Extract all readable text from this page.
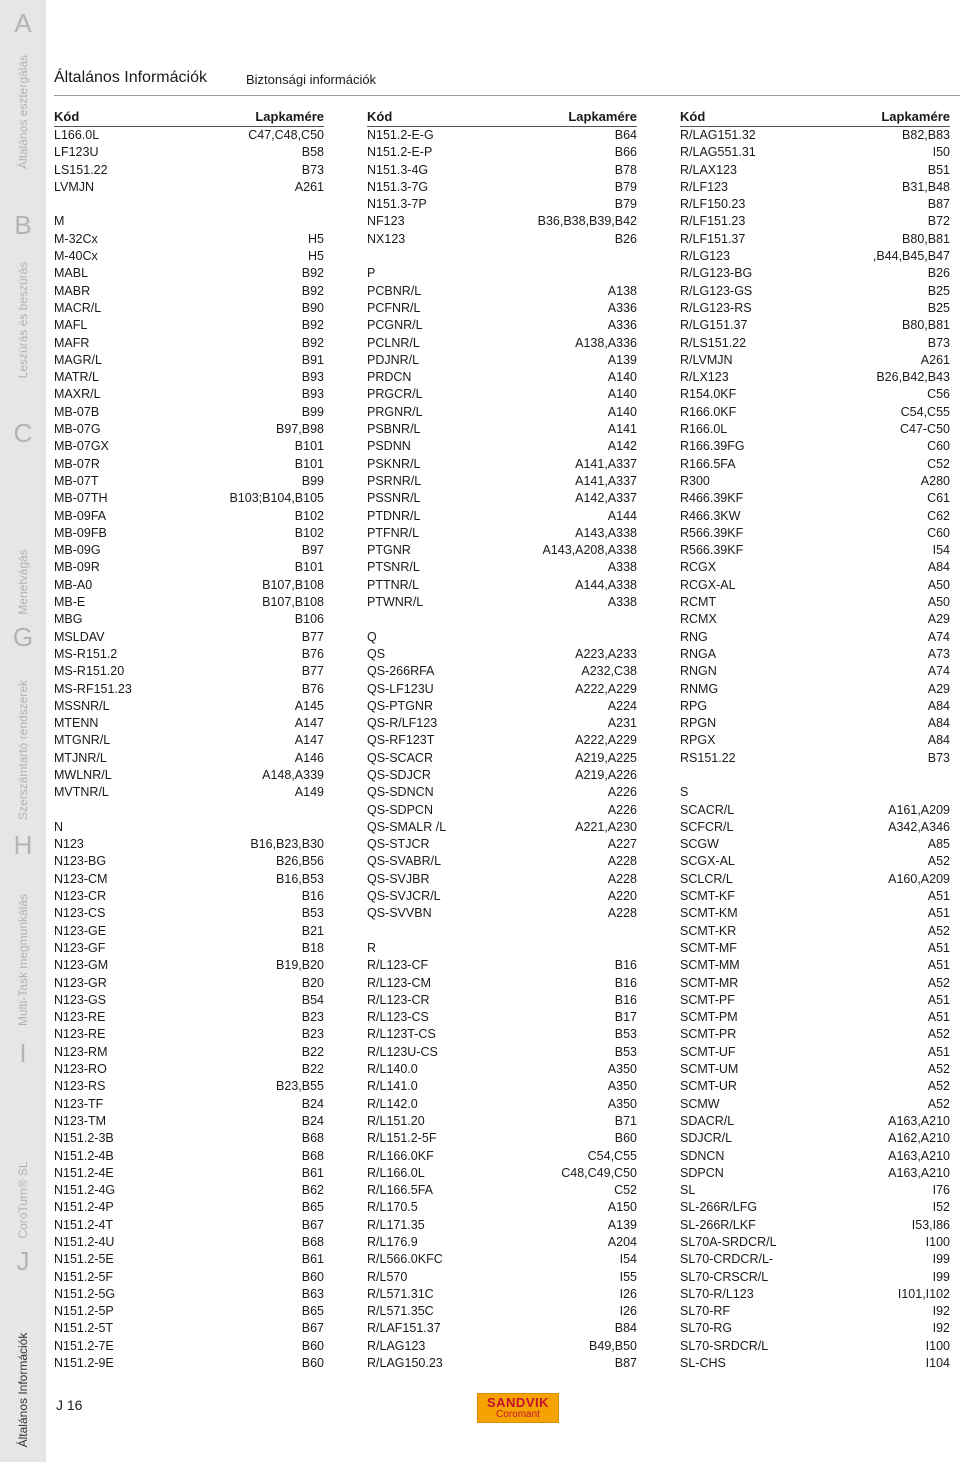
A
B
C
G
H
I
J
Általános esztergálás
Leszúrás és beszúrás
Menetvágás
Szerszámtartó rendszerek
Multi-Task megmunkálás
CoroTurn® SL
Általános Információk
Általános Információk	Biztonsági információk
Kód	Lapkamére
L166.0L	C47,C48,C50
LF123U	B58
LS151.22	B73
LVMJN	A261
M
M-32Cx	H5
M-40Cx	H5
MABL	B92
MABR	B92
MACR/L	B90
MAFL	B92
MAFR	B92
MAGR/L	B91
MATR/L	B93
MAXR/L	B93
MB-07B	B99
MB-07G	B97,B98
MB-07GX	B101
MB-07R	B101
MB-07T	B99
MB-07TH	B103;B104,B105
MB-09FA	B102
MB-09FB	B102
MB-09G	B97
MB-09R	B101
MB-A0	B107,B108
MB-E	B107,B108
MBG	B106
MSLDAV	B77
MS-R151.2	B76
MS-R151.20	B77
MS-RF151.23	B76
MSSNR/L	A145
MTENN	A147
MTGNR/L	A147
MTJNR/L	A146
MWLNR/L	A148,A339
MVTNR/L	A149
N
N123	B16,B23,B30
N123-BG	B26,B56
N123-CM	B16,B53
N123-CR	B16
N123-CS	B53
N123-GE	B21
N123-GF	B18
N123-GM	B19,B20
N123-GR	B20
N123-GS	B54
N123-RE	B23
N123-RE	B23
N123-RM	B22
N123-RO	B22
N123-RS	B23,B55
N123-TF	B24
N123-TM	B24
N151.2-3B	B68
N151.2-4B	B68
N151.2-4E	B61
N151.2-4G	B62
N151.2-4P	B65
N151.2-4T	B67
N151.2-4U	B68
N151.2-5E	B61
N151.2-5F	B60
N151.2-5G	B63
N151.2-5P	B65
N151.2-5T	B67
N151.2-7E	B60
N151.2-9E	B60
Kód	Lapkamére
N151.2-E-G	B64
N151.2-E-P	B66
N151.3-4G	B78
N151.3-7G	B79
N151.3-7P	B79
NF123	B36,B38,B39,B42
NX123	B26
P
PCBNR/L	A138
PCFNR/L	A336
PCGNR/L	A336
PCLNR/L	A138,A336
PDJNR/L	A139
PRDCN	A140
PRGCR/L	A140
PRGNR/L	A140
PSBNR/L	A141
PSDNN	A142
PSKNR/L	A141,A337
PSRNR/L	A141,A337
PSSNR/L	A142,A337
PTDNR/L	A144
PTFNR/L	A143,A338
PTGNR	A143,A208,A338
PTSNR/L	A338
PTTNR/L	A144,A338
PTWNR/L	A338
Q
QS	A223,A233
QS-266RFA	A232,C38
QS-LF123U	A222,A229
QS-PTGNR	A224
QS-R/LF123	A231
QS-RF123T	A222,A229
QS-SCACR	A219,A225
QS-SDJCR	A219,A226
QS-SDNCN	A226
QS-SDPCN	A226
QS-SMALR /L	A221,A230
QS-STJCR	A227
QS-SVABR/L	A228
QS-SVJBR	A228
QS-SVJCR/L	A220
QS-SVVBN	A228
R
R/L123-CF	B16
R/L123-CM	B16
R/L123-CR	B16
R/L123-CS	B17
R/L123T-CS	B53
R/L123U-CS	B53
R/L140.0	A350
R/L141.0	A350
R/L142.0	A350
R/L151.20	B71
R/L151.2-5F	B60
R/L166.0KF	C54,C55
R/L166.0L	C48,C49,C50
R/L166.5FA	C52
R/L170.5	A150
R/L171.35	A139
R/L176.9	A204
R/L566.0KFC	I54
R/L570	I55
R/L571.31C	I26
R/L571.35C	I26
R/LAF151.37	B84
R/LAG123	B49,B50
R/LAG150.23	B87
Kód	Lapkamére
R/LAG151.32	B82,B83
R/LAG551.31	I50
R/LAX123	B51
R/LF123	B31,B48
R/LF150.23	B87
R/LF151.23	B72
R/LF151.37	B80,B81
R/LG123	,B44,B45,B47
R/LG123-BG	B26
R/LG123-GS	B25
R/LG123-RS	B25
R/LG151.37	B80,B81
R/LS151.22	B73
R/LVMJN	A261
R/LX123	B26,B42,B43
R154.0KF	C56
R166.0KF	C54,C55
R166.0L	C47-C50
R166.39FG	C60
R166.5FA	C52
R300	A280
R466.39KF	C61
R466.3KW	C62
R566.39KF	C60
R566.39KF	I54
RCGX	A84
RCGX-AL	A50
RCMT	A50
RCMX	A29
RNG	A74
RNGA	A73
RNGN	A74
RNMG	A29
RPG	A84
RPGN	A84
RPGX	A84
RS151.22	B73
S
SCACR/L	A161,A209
SCFCR/L	A342,A346
SCGW	A85
SCGX-AL	A52
SCLCR/L	A160,A209
SCMT-KF	A51
SCMT-KM	A51
SCMT-KR	A52
SCMT-MF	A51
SCMT-MM	A51
SCMT-MR	A52
SCMT-PF	A51
SCMT-PM	A51
SCMT-PR	A52
SCMT-UF	A51
SCMT-UM	A52
SCMT-UR	A52
SCMW	A52
SDACR/L	A163,A210
SDJCR/L	A162,A210
SDNCN	A163,A210
SDPCN	A163,A210
SL	I76
SL-266R/LFG	I52
SL-266R/LKF	I53,I86
SL70A-SRDCR/L	I100
SL70-CRDCR/L-	I99
SL70-CRSCR/L	I99
SL70-R/L123	I101,I102
SL70-RF	I92
SL70-RG	I92
SL70-SRDCR/L	I100
SL-CHS	I104
J 16	SANDVIK
Coromant
